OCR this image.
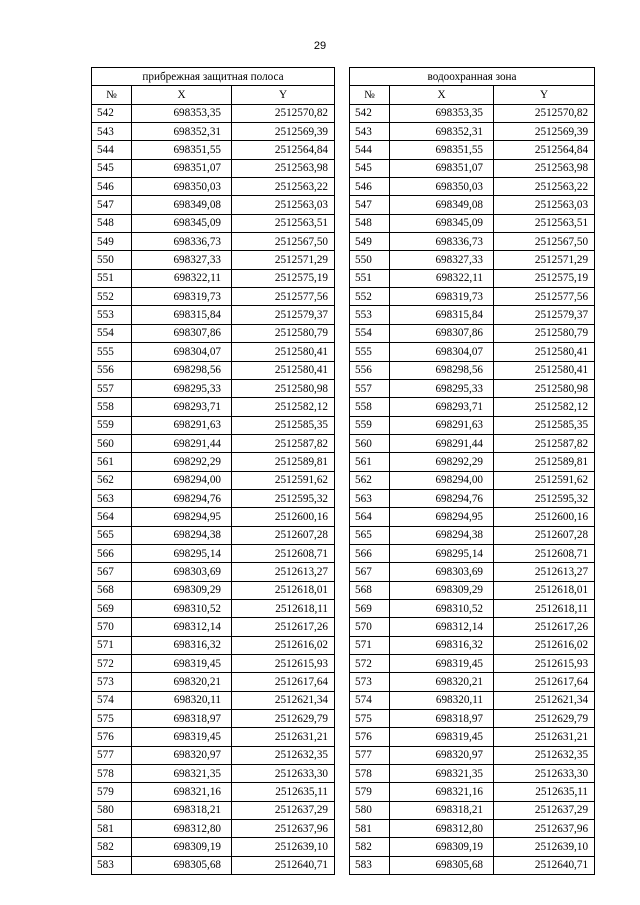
29
прибрежная защитная полоса		
№	X	Y
542	698353,35	2512570,82
543	698352,31	2512569,39
544	698351,55	2512564,84
545	698351,07	2512563,98
546	698350,03	2512563,22
547	698349,08	2512563,03
548	698345,09	2512563,51
549	698336,73	2512567,50
550	698327,33	2512571,29
551	698322,11	2512575,19
552	698319,73	2512577,56
553	698315,84	2512579,37
554	698307,86	2512580,79
555	698304,07	2512580,41
556	698298,56	2512580,41
557	698295,33	2512580,98
558	698293,71	2512582,12
559	698291,63	2512585,35
560	698291,44	2512587,82
561	698292,29	2512589,81
562	698294,00	2512591,62
563	698294,76	2512595,32
564	698294,95	2512600,16
565	698294,38	2512607,28
566	698295,14	2512608,71
567	698303,69	2512613,27
568	698309,29	2512618,01
569	698310,52	2512618,11
570	698312,14	2512617,26
571	698316,32	2512616,02
572	698319,45	2512615,93
573	698320,21	2512617,64
574	698320,11	2512621,34
575	698318,97	2512629,79
576	698319,45	2512631,21
577	698320,97	2512632,35
578	698321,35	2512633,30
579	698321,16	2512635,11
580	698318,21	2512637,29
581	698312,80	2512637,96
582	698309,19	2512639,10
583	698305,68	2512640,71
водоохранная зона		
№	X	Y
542	698353,35	2512570,82
543	698352,31	2512569,39
544	698351,55	2512564,84
545	698351,07	2512563,98
546	698350,03	2512563,22
547	698349,08	2512563,03
548	698345,09	2512563,51
549	698336,73	2512567,50
550	698327,33	2512571,29
551	698322,11	2512575,19
552	698319,73	2512577,56
553	698315,84	2512579,37
554	698307,86	2512580,79
555	698304,07	2512580,41
556	698298,56	2512580,41
557	698295,33	2512580,98
558	698293,71	2512582,12
559	698291,63	2512585,35
560	698291,44	2512587,82
561	698292,29	2512589,81
562	698294,00	2512591,62
563	698294,76	2512595,32
564	698294,95	2512600,16
565	698294,38	2512607,28
566	698295,14	2512608,71
567	698303,69	2512613,27
568	698309,29	2512618,01
569	698310,52	2512618,11
570	698312,14	2512617,26
571	698316,32	2512616,02
572	698319,45	2512615,93
573	698320,21	2512617,64
574	698320,11	2512621,34
575	698318,97	2512629,79
576	698319,45	2512631,21
577	698320,97	2512632,35
578	698321,35	2512633,30
579	698321,16	2512635,11
580	698318,21	2512637,29
581	698312,80	2512637,96
582	698309,19	2512639,10
583	698305,68	2512640,71
